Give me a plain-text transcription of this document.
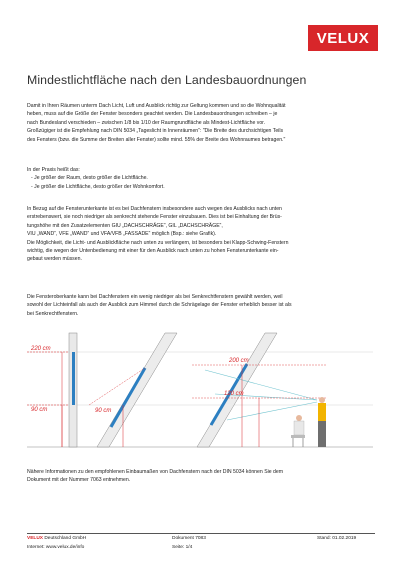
VELUX
Mindestlichtfläche nach den Landesbauordnungen
Damit in Ihren Räumen unterm Dach Licht, Luft und Ausblick richtig zur Geltung kommen und so die Wohnqualität
heben, muss auf die Größe der Fenster besonders geachtet werden. Die Landesbauordnungen schreiben – je
nach Bundesland verschieden – zwischen 1/8 bis 1/10 der Raumgrundfläche als Mindest-Lichtfläche vor.
Großzügiger ist die Empfehlung nach DIN 5034 „Tageslicht in Innenräumen“: "Die Breite des durchsichtigen Teils
des Fensters (bzw. die Summe der Breiten aller Fenster) sollte mind. 55% der Breite des Wohnraumes betragen."
In der Praxis heißt das:
- Je größer der Raum, desto größer die Lichtfläche.
- Je größer die Lichtfläche, desto größer der Wohnkomfort.
In Bezug auf die Fensterunterkante ist es bei Dachfenstern insbesondere auch wegen des Ausblicks nach unten
erstrebenswert, sie noch niedriger als senkrecht stehende Fenster einzubauen. Dies ist bei Einhaltung der Brüs-
tungshöhe mit den Zusatzelementen GIU „DACHSCHRÄGE“, GIL „DACHSCHRÄGE“,
VIU „WAND“, VFE „WAND“ und VFA/VFB „FASSADE“ möglich (Bsp.: siehe Grafik).
Die Möglichkeit, die Licht- und Ausblickfläche nach unten zu verlängern, ist besonders bei Klapp-Schwing-Fenstern
wichtig, die wegen der Untenbedienung mit einer für den Ausblick nach unten zu hohen Fensterunterkante ein-
gebaut werden müssen.
Die Fensteroberkante kann bei Dachfenstern ein wenig niedriger als bei Senkrechtfenstern gewählt werden, weil
sowohl der Lichteinfall als auch der Ausblick zum Himmel durch die Schrägelage der Fenster erheblich besser ist als
bei Senkrechtfenstern.
220 cm
90 cm	90 cm
200 cm
120 cm
Nähere Informationen zu den empfohlenen Einbaumaßen von Dachfenstern nach der DIN 5034 können Sie dem
Dokument mit der Nummer 7063 entnehmen.
VELUX Deutschland GmbH
Internet: www.velux.de/info
Dokument 7083
Seite: 1/4
Stand: 01.02.2019
